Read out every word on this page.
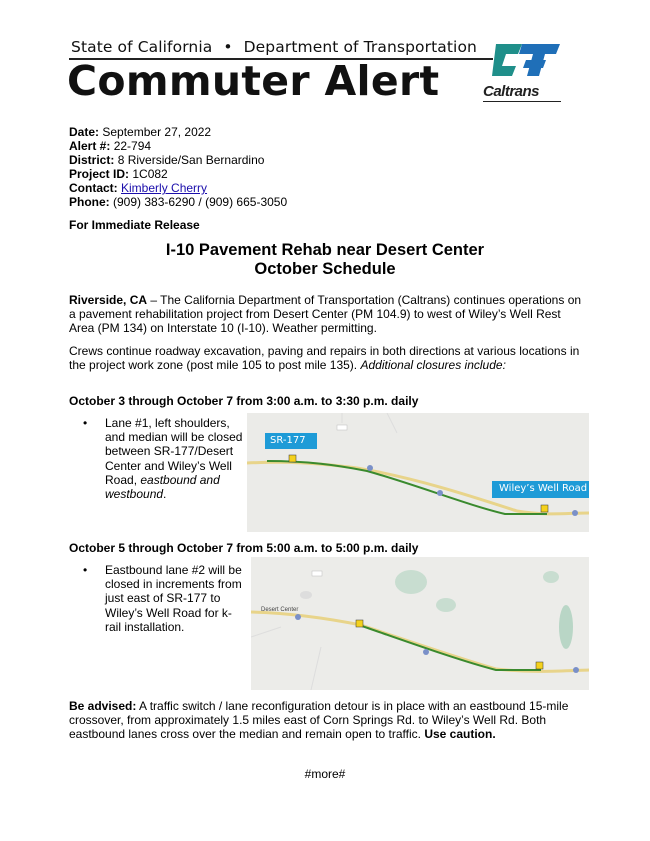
State of California • Department of Transportation
Commuter Alert	Caltrans
Date: September 27, 2022
Alert #: 22-794
District: 8 Riverside/San Bernardino
Project ID: 1C082
Contact: Kimberly Cherry
Phone: (909) 383-6290 / (909) 665-3050
For Immediate Release
I-10 Pavement Rehab near Desert Center
October Schedule
Riverside, CA – The California Department of Transportation (Caltrans) continues operations on a pavement rehabilitation project from Desert Center (PM 104.9) to west of Wiley’s Well Rest Area (PM 134) on Interstate 10 (I-10). Weather permitting.
Crews continue roadway excavation, paving and repairs in both directions at various locations in the project work zone (post mile 105 to post mile 135). Additional closures include:
October 3 through October 7 from 3:00 a.m. to 3:30 p.m. daily
• Lane #1, left shoulders, and median will be closed between SR-177/Desert Center and Wiley’s Well Road, eastbound and westbound.
SR-177
Wiley’s Well Road
October 5 through October 7 from 5:00 a.m. to 5:00 p.m. daily
• Eastbound lane #2 will be closed in increments from just east of SR-177 to Wiley’s Well Road for k-rail installation.
Desert Center
Be advised: A traffic switch / lane reconfiguration detour is in place with an eastbound 15-mile crossover, from approximately 1.5 miles east of Corn Springs Rd. to Wiley’s Well Rd. Both eastbound lanes cross over the median and remain open to traffic. Use caution.
#more#
